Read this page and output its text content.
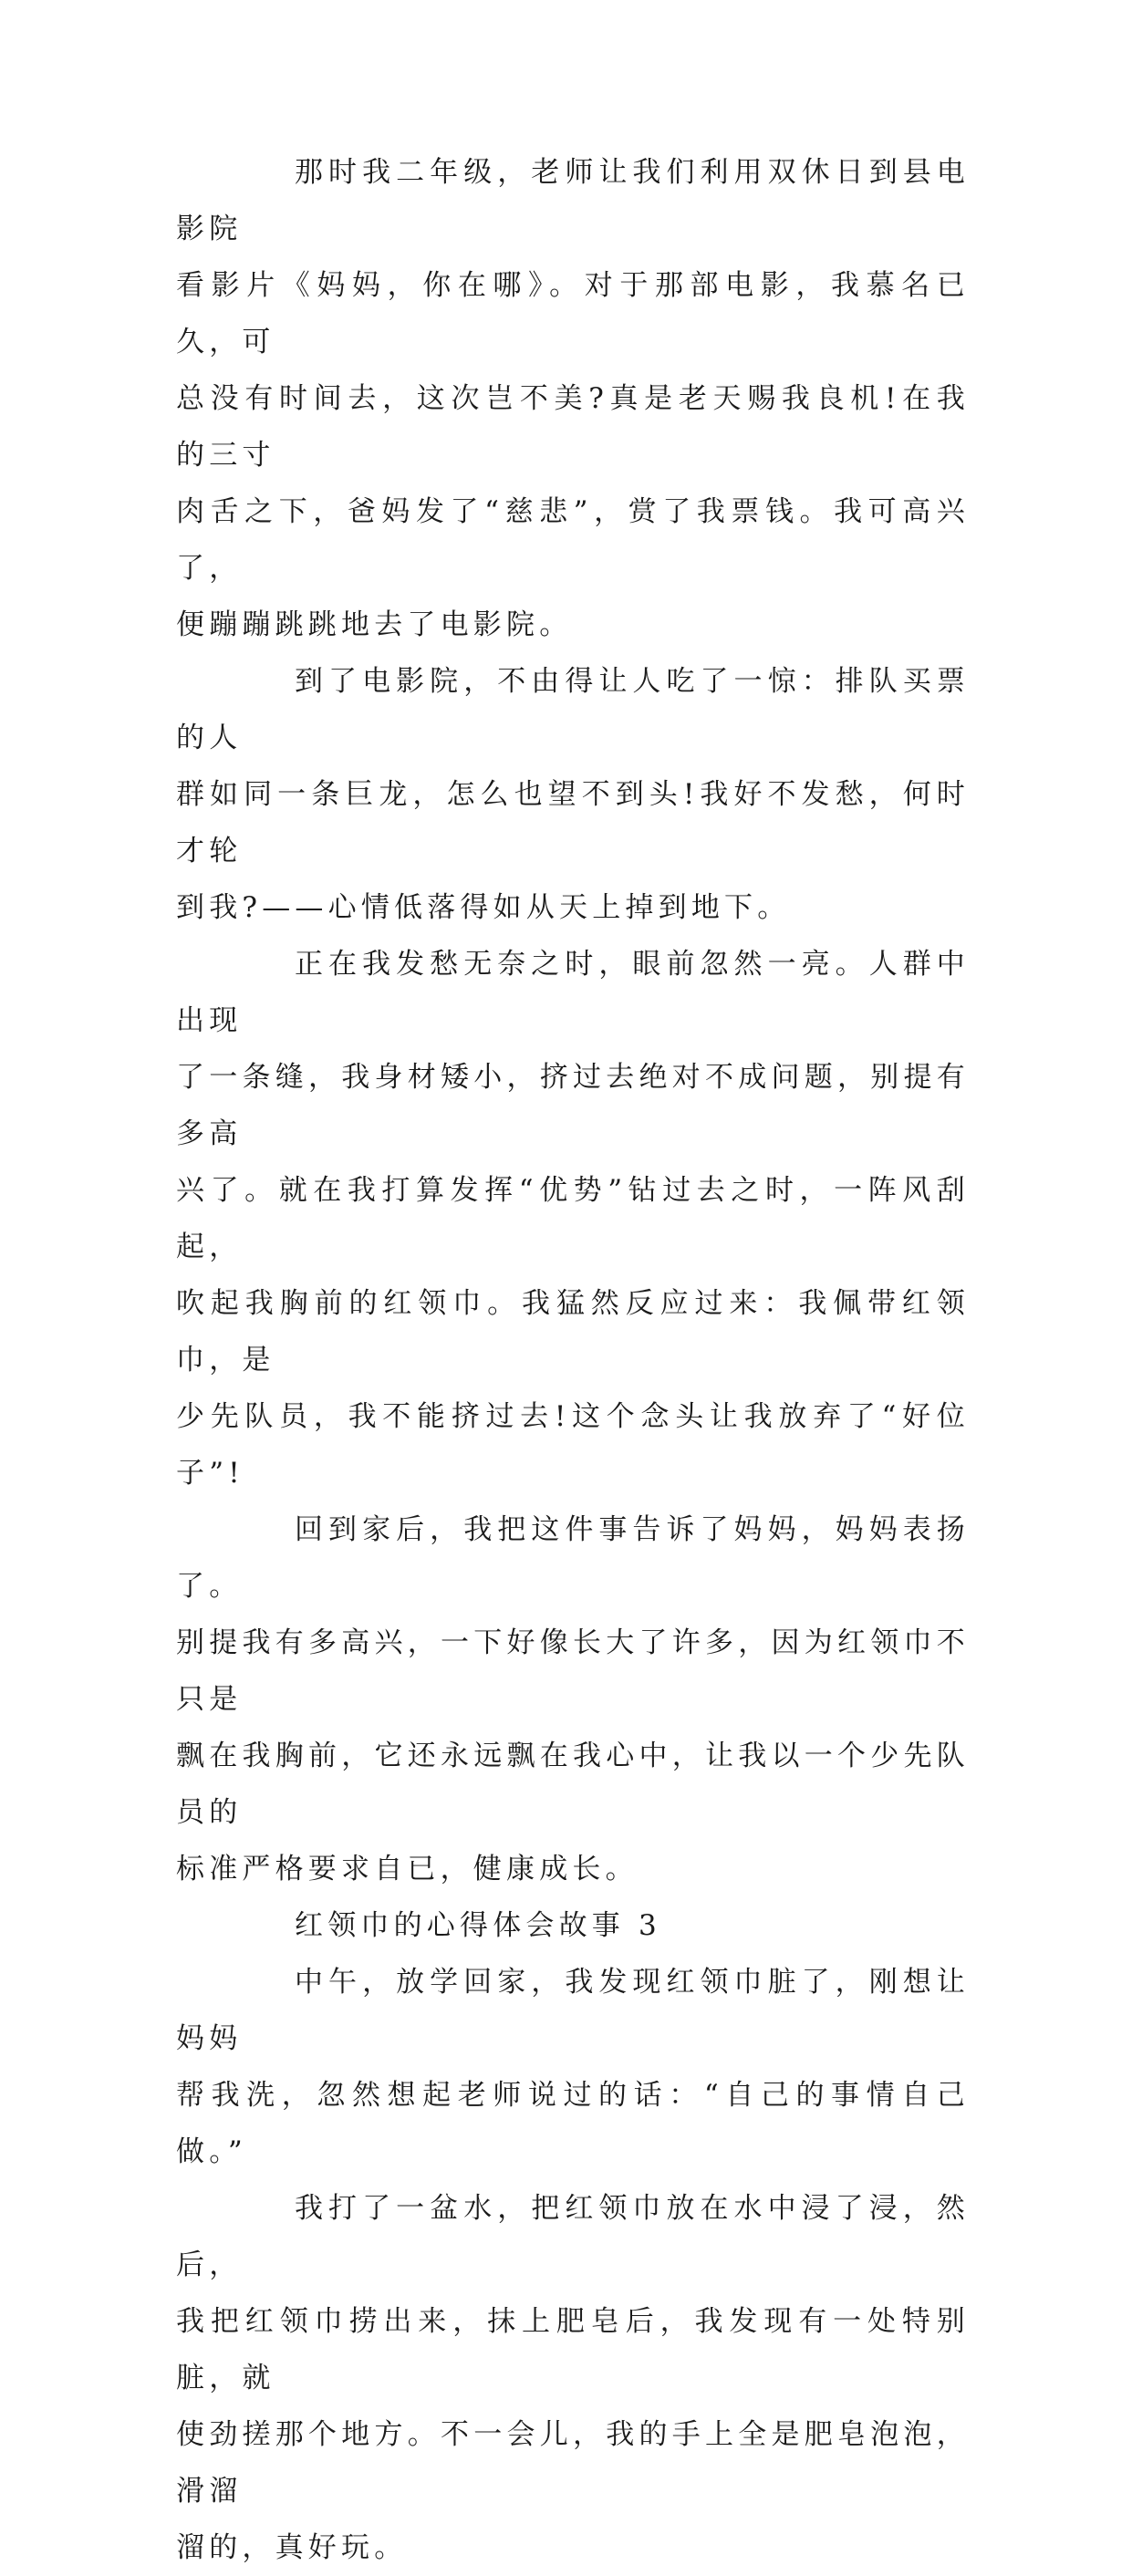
那时我二年级，老师让我们利用双休日到县电影院
看影片《妈妈，你在哪》。对于那部电影，我慕名已久，可
总没有时间去，这次岂不美?真是老天赐我良机!在我的三寸
肉舌之下，爸妈发了“慈悲”，赏了我票钱。我可高兴了，
便蹦蹦跳跳地去了电影院。

到了电影院，不由得让人吃了一惊：排队买票的人
群如同一条巨龙，怎么也望不到头!我好不发愁，何时才轮
到我?——心情低落得如从天上掉到地下。

正在我发愁无奈之时，眼前忽然一亮。人群中出现
了一条缝，我身材矮小，挤过去绝对不成问题，别提有多高
兴了。就在我打算发挥“优势”钻过去之时，一阵风刮起，
吹起我胸前的红领巾。我猛然反应过来：我佩带红领巾，是
少先队员，我不能挤过去!这个念头让我放弃了“好位子”!

回到家后，我把这件事告诉了妈妈，妈妈表扬了。
别提我有多高兴，一下好像长大了许多，因为红领巾不只是
飘在我胸前，它还永远飘在我心中，让我以一个少先队员的
标准严格要求自已，健康成长。

红领巾的心得体会故事 3

中午，放学回家，我发现红领巾脏了，刚想让妈妈
帮我洗，忽然想起老师说过的话：“自己的事情自己做。”

我打了一盆水，把红领巾放在水中浸了浸，然后，
我把红领巾捞出来，抹上肥皂后，我发现有一处特别脏，就
使劲搓那个地方。不一会儿，我的手上全是肥皂泡泡，滑溜
溜的，真好玩。
